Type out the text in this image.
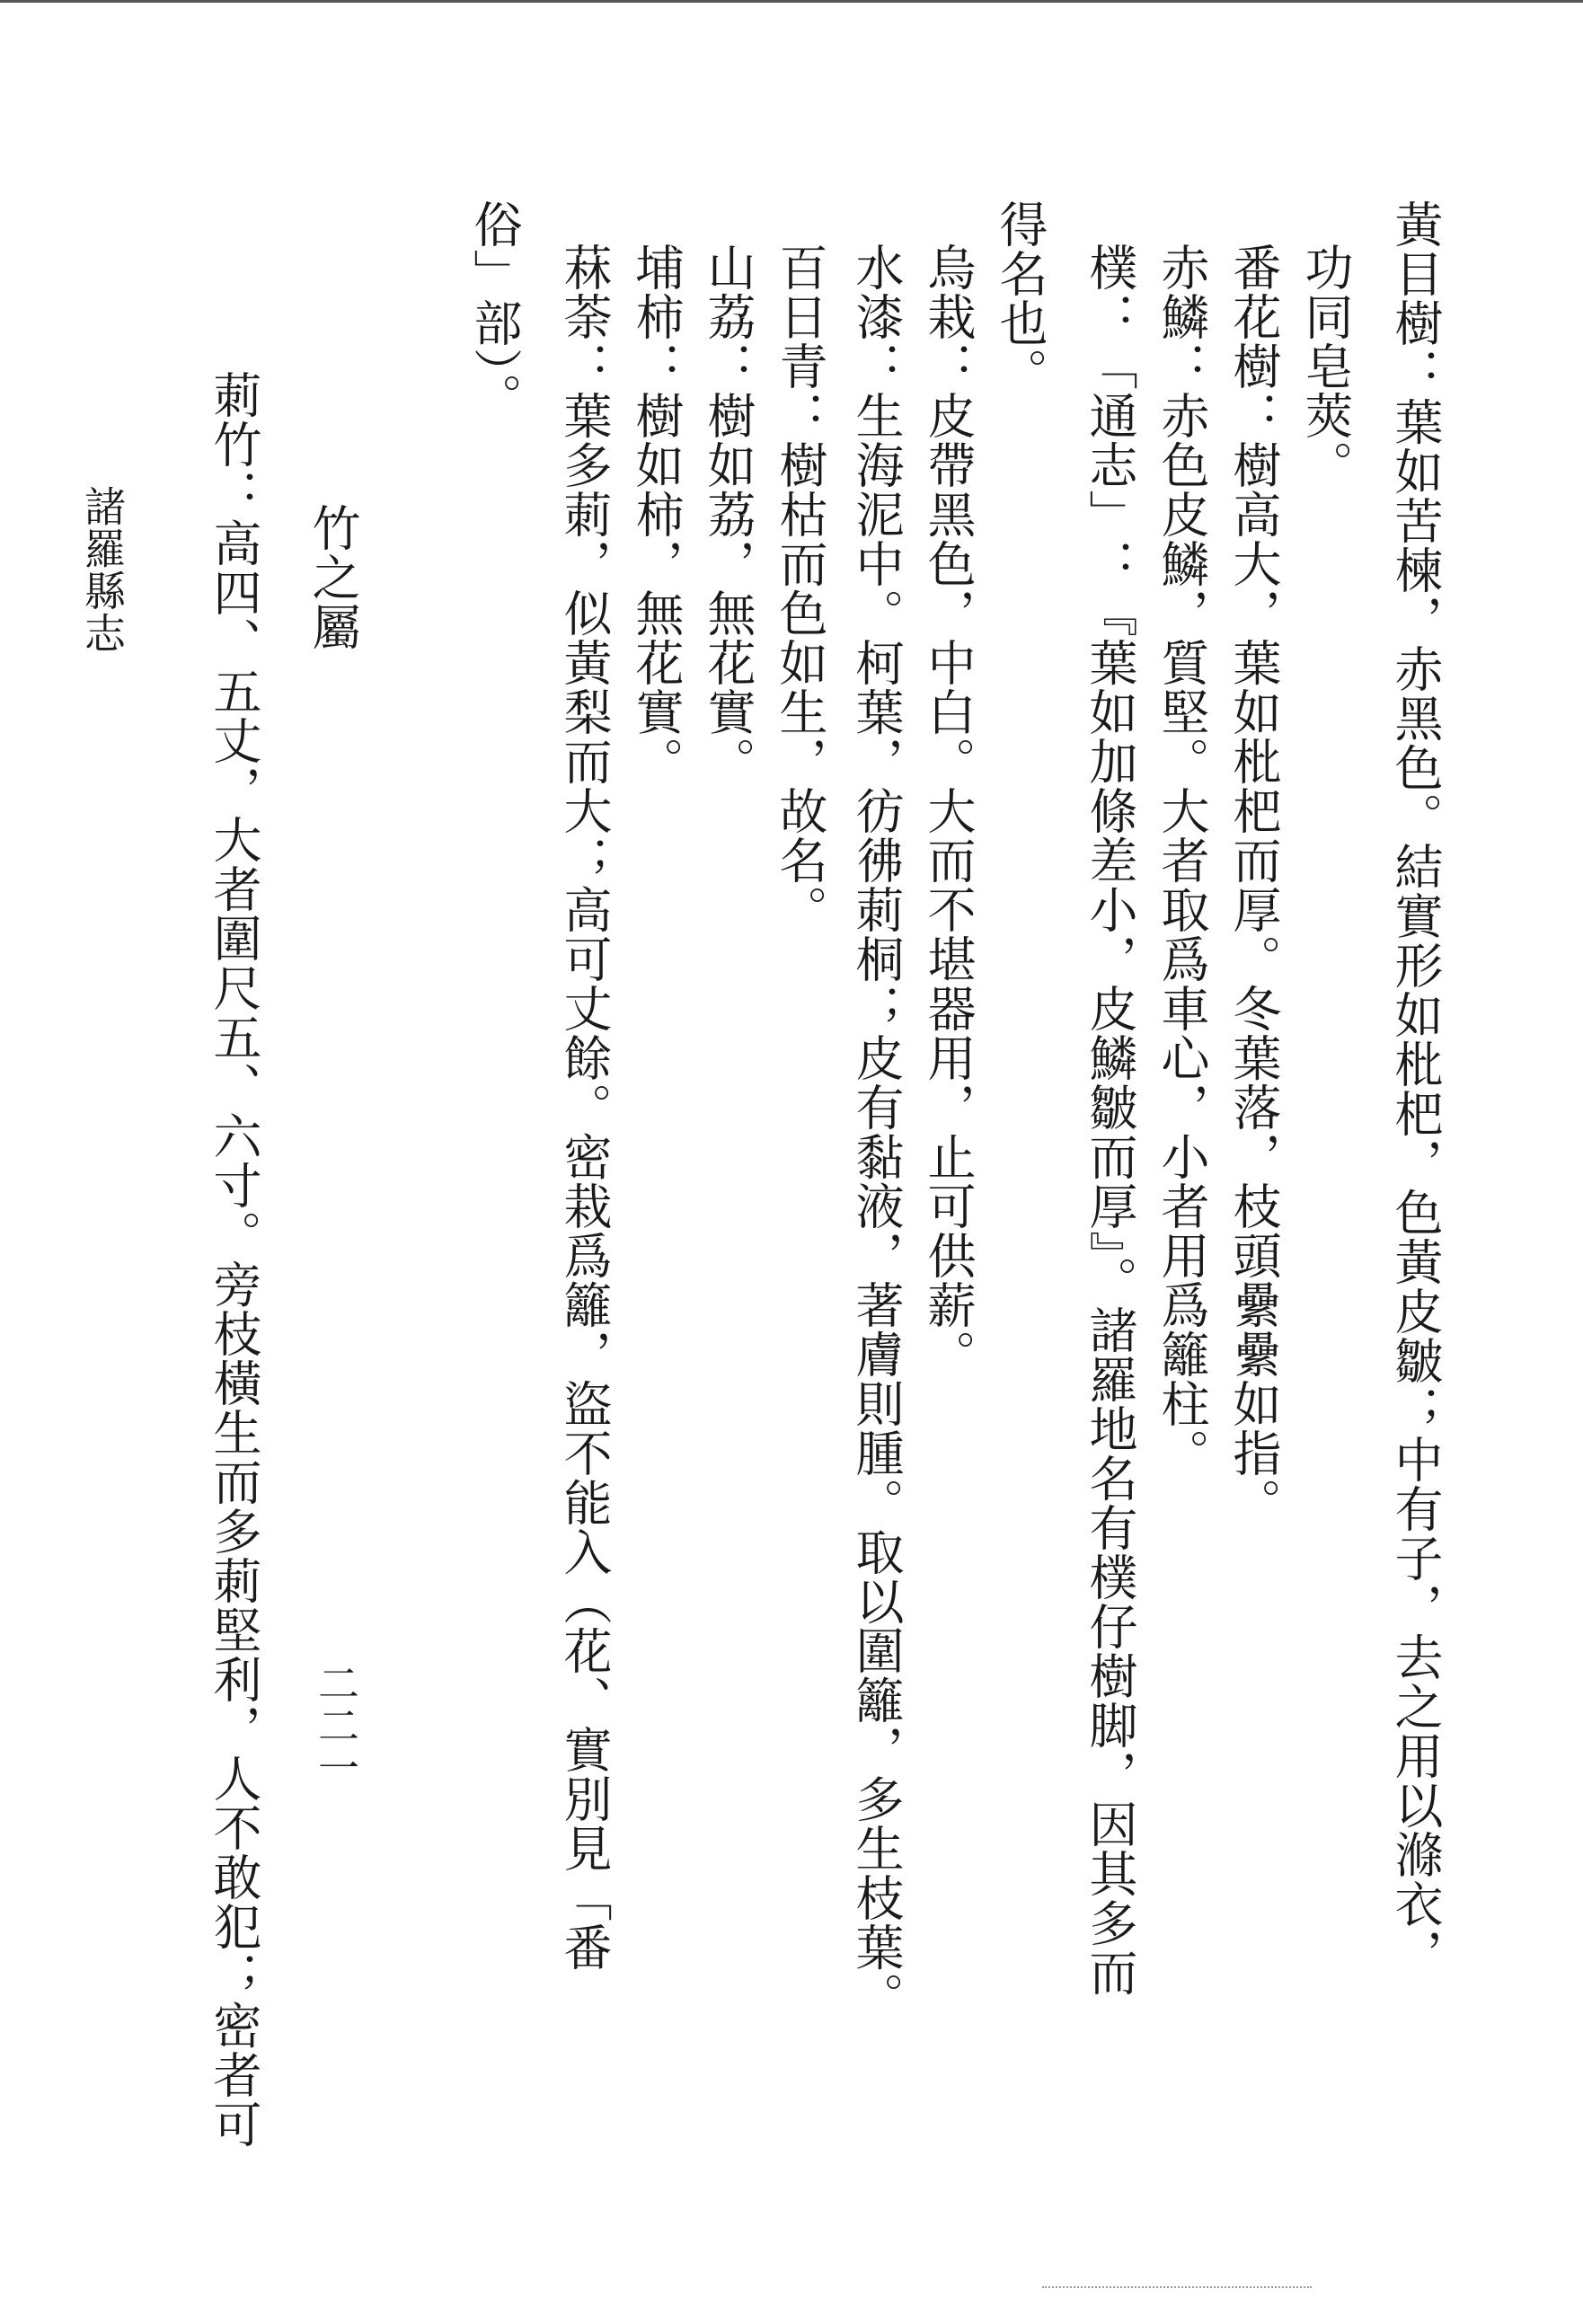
黃目樹：葉如苦楝，赤黑色。結實形如枇杷，色黃皮皺；中有子，去之用以滌衣，
功同皂莢。
番花樹：樹高大，葉如枇杷而厚。冬葉落，枝頭纍纍如指。
赤鱗：赤色皮鱗，質堅。大者取爲車心，小者用爲籬柱。
樸：「通志」：『葉如加條差小，皮鱗皺而厚』。諸羅地名有樸仔樹脚，因其多而
得名也。
烏栽：皮帶黑色，中白。大而不堪器用，止可供薪。
水漆：生海泥中。柯葉，彷彿莿桐；皮有黏液，著膚則腫。取以圍籬，多生枝葉。
百日青：樹枯而色如生，故名。
山荔：樹如荔，無花實。
埔柿：樹如柿，無花實。
菻荼：葉多莿，似黃梨而大；高可丈餘。密栽爲籬，盜不能入（花、實別見「番
俗」部）。
竹之屬
莿竹：高四、五丈，大者圍尺五、六寸。旁枝橫生而多莿堅利，人不敢犯；密者可
諸羅縣志
二二一
